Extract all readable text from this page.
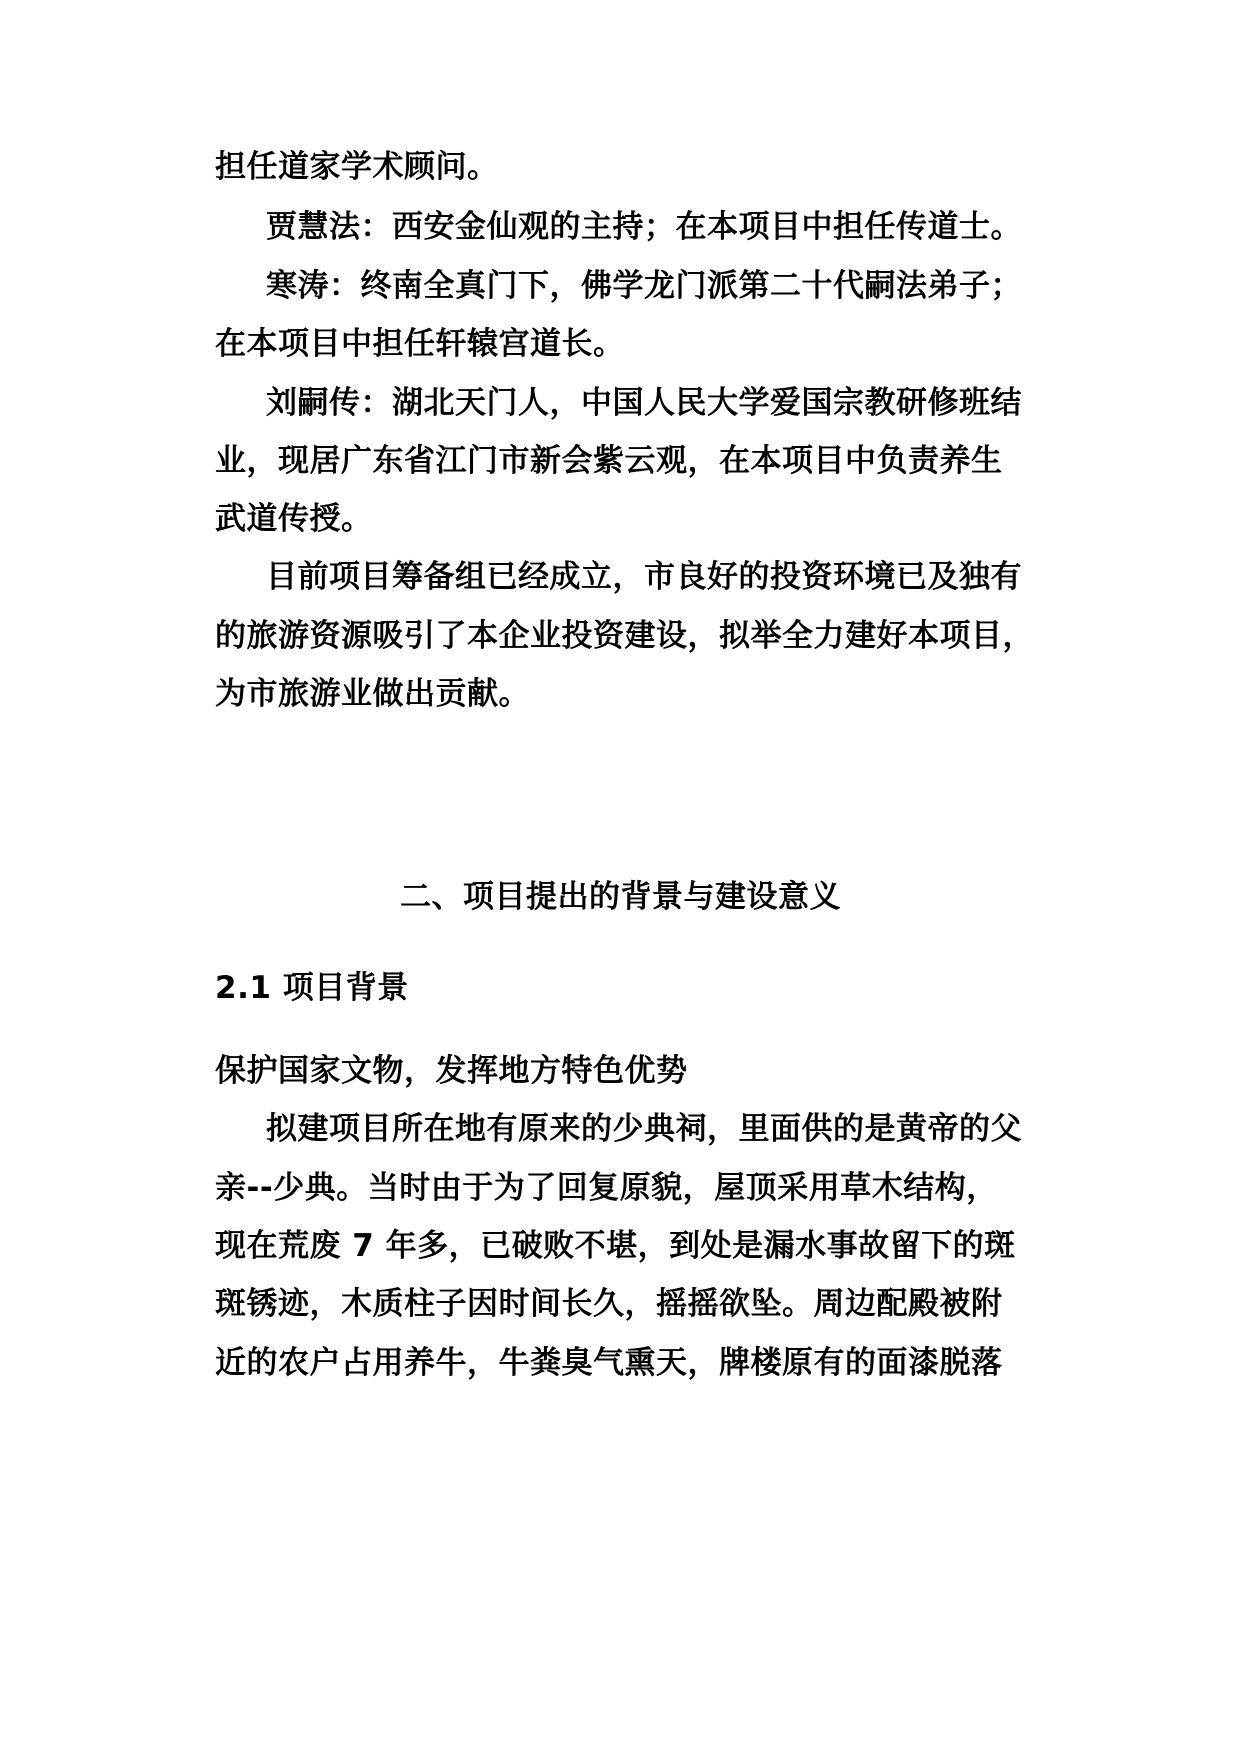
担任道家学术顾问。
贾慧法：西安金仙观的主持；在本项目中担任传道士。
寒涛：终南全真门下，佛学龙门派第二十代嗣法弟子；
在本项目中担任轩辕宫道长。
刘嗣传：湖北天门人，中国人民大学爱国宗教研修班结
业，现居广东省江门市新会紫云观，在本项目中负责养生
武道传授。
目前项目筹备组已经成立，市良好的投资环境已及独有
的旅游资源吸引了本企业投资建设，拟举全力建好本项目，
为市旅游业做出贡献。
二、项目提出的背景与建设意义
2.1 项目背景
保护国家文物，发挥地方特色优势
拟建项目所在地有原来的少典祠，里面供的是黄帝的父
亲--少典。当时由于为了回复原貌，屋顶采用草木结构，
现在荒废 7 年多，已破败不堪，到处是漏水事故留下的斑
斑锈迹，木质柱子因时间长久，摇摇欲坠。周边配殿被附
近的农户占用养牛，牛粪臭气熏天，牌楼原有的面漆脱落
